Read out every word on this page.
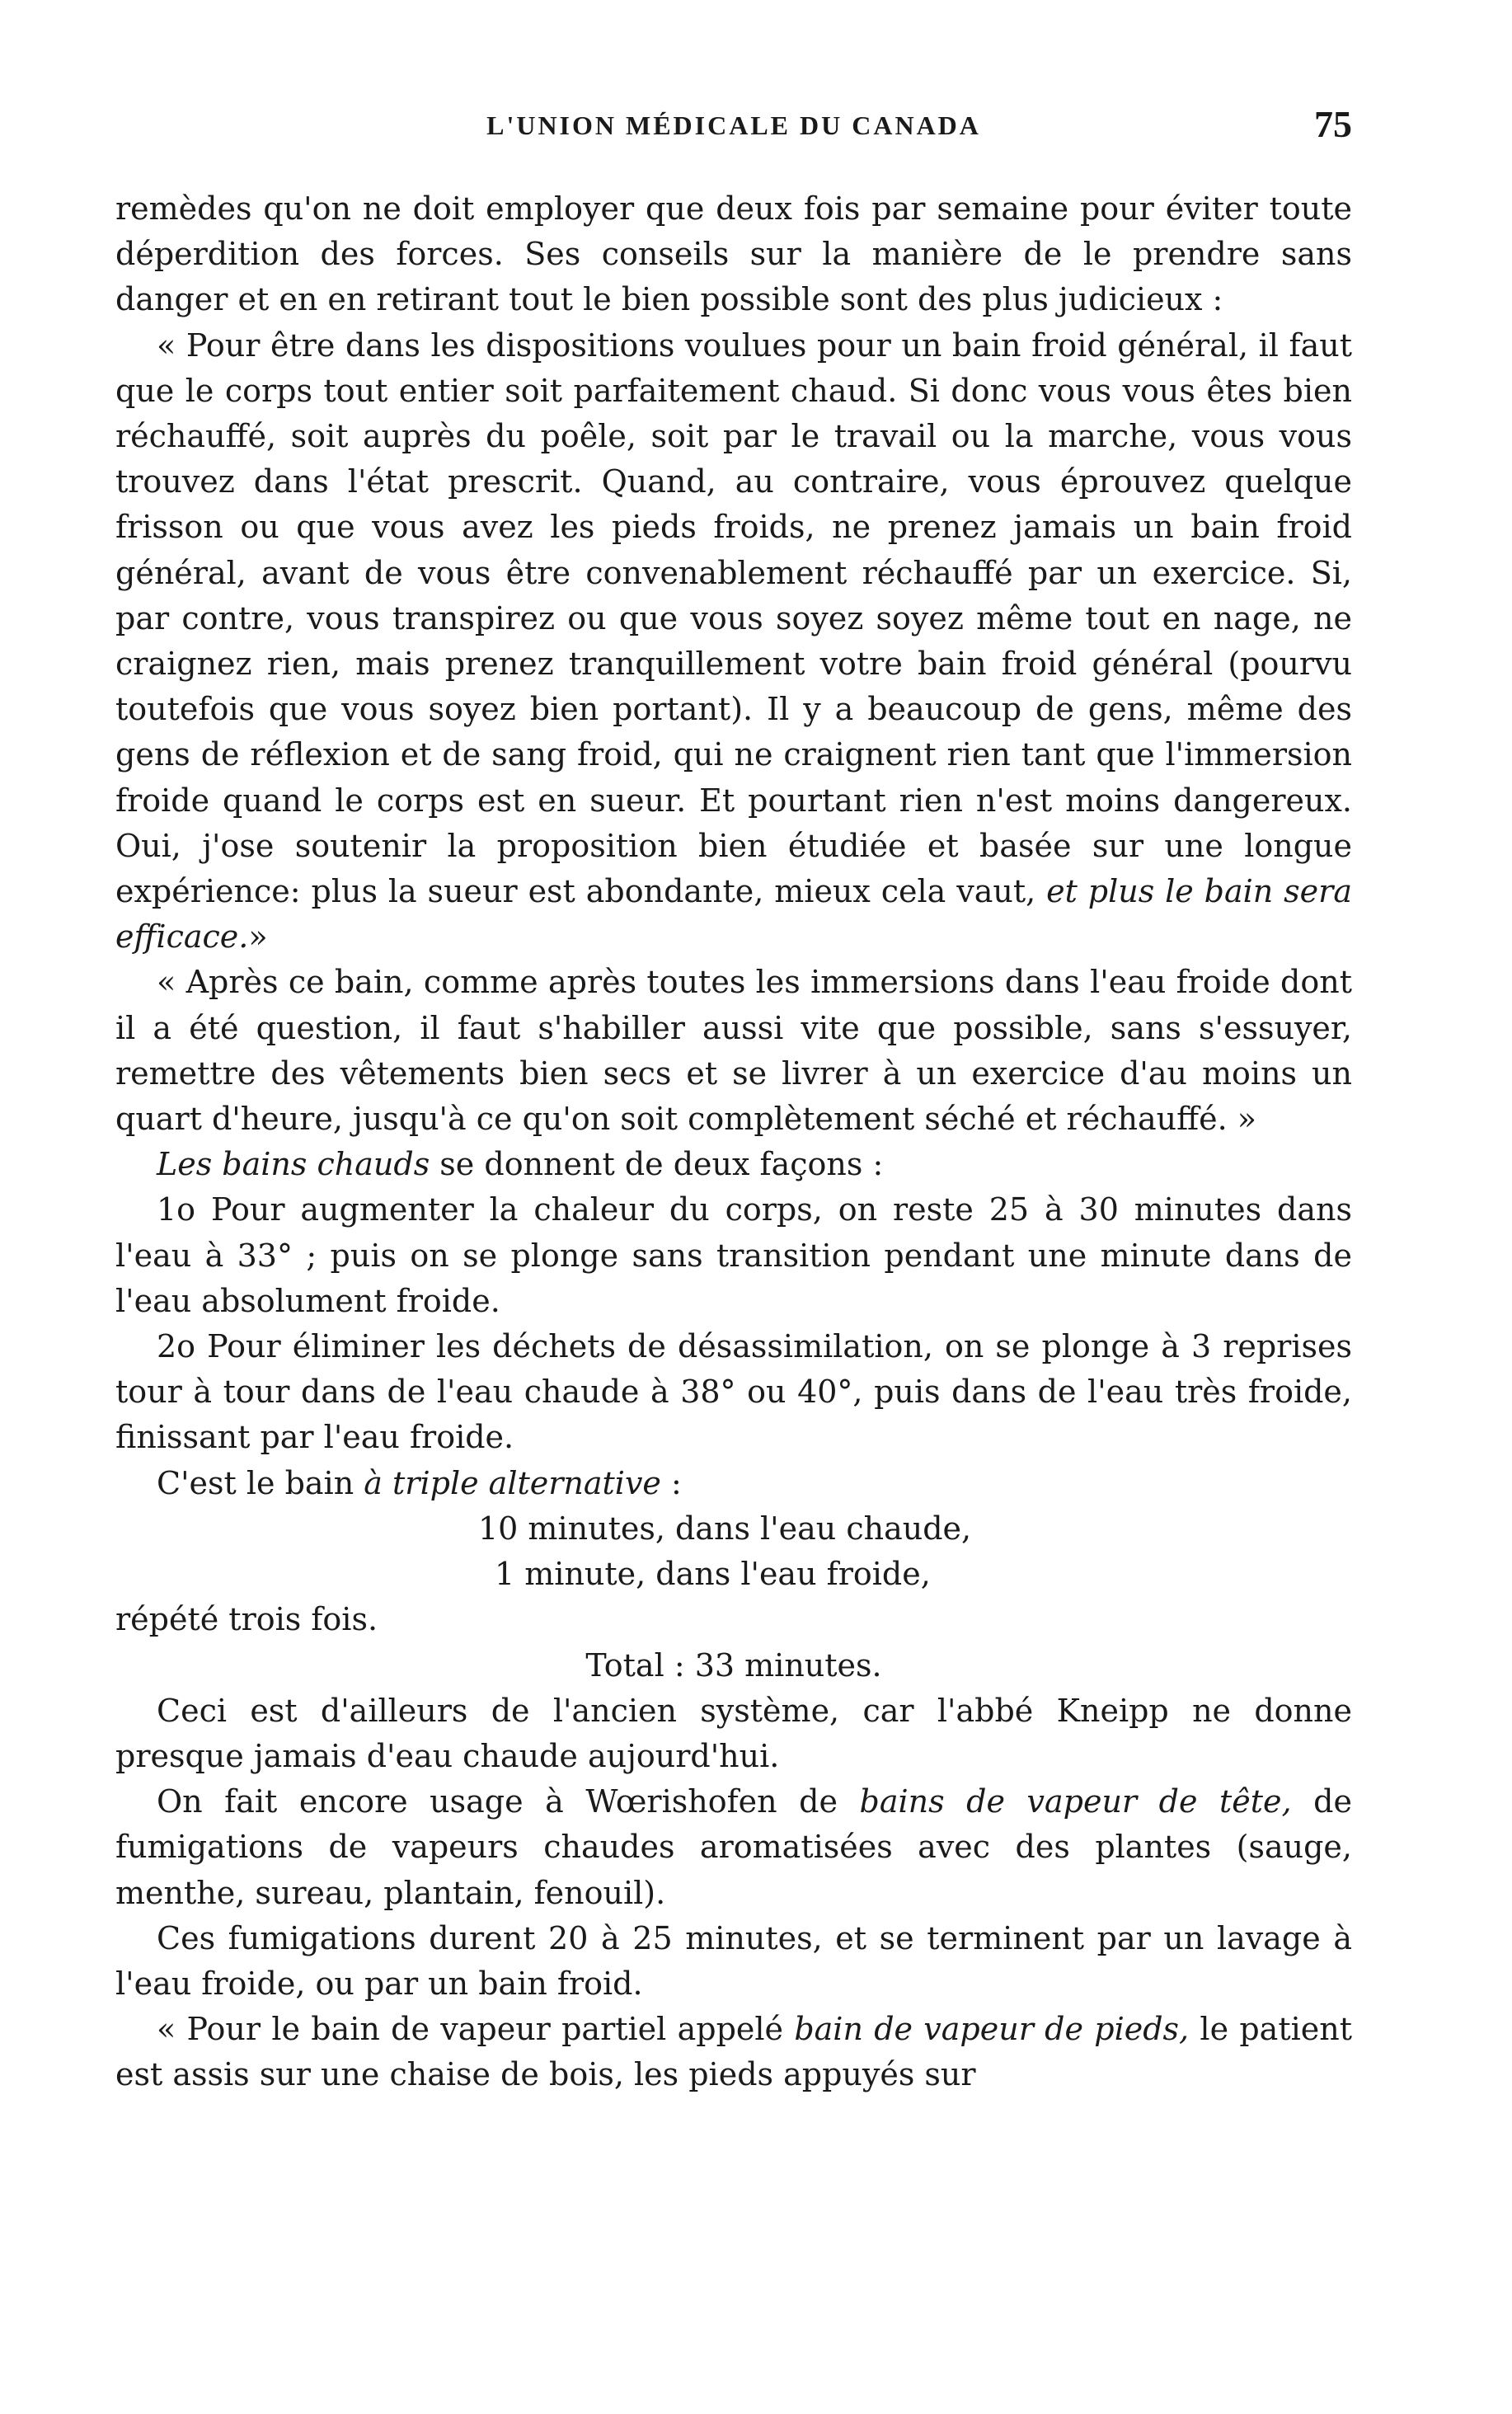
L'UNION MÉDICALE DU CANADA	75

remèdes qu'on ne doit employer que deux fois par semaine pour éviter toute déperdition des forces. Ses conseils sur la manière de le prendre sans danger et en en retirant tout le bien possible sont des plus judicieux :

« Pour être dans les dispositions voulues pour un bain froid général, il faut que le corps tout entier soit parfaitement chaud. Si donc vous vous êtes bien réchauffé, soit auprès du poêle, soit par le travail ou la marche, vous vous trouvez dans l'état prescrit. Quand, au contraire, vous éprouvez quelque frisson ou que vous avez les pieds froids, ne prenez jamais un bain froid général, avant de vous être convenablement réchauffé par un exercice. Si, par contre, vous transpirez ou que vous soyez soyez même tout en nage, ne craignez rien, mais prenez tranquillement votre bain froid général (pourvu toutefois que vous soyez bien portant). Il y a beaucoup de gens, même des gens de réflexion et de sang froid, qui ne craignent rien tant que l'immersion froide quand le corps est en sueur. Et pourtant rien n'est moins dangereux. Oui, j'ose soutenir la proposition bien étudiée et basée sur une longue expérience: plus la sueur est abondante, mieux cela vaut, et plus le bain sera efficace.»

« Après ce bain, comme après toutes les immersions dans l'eau froide dont il a été question, il faut s'habiller aussi vite que possible, sans s'essuyer, remettre des vêtements bien secs et se livrer à un exercice d'au moins un quart d'heure, jusqu'à ce qu'on soit complètement séché et réchauffé. »

Les bains chauds se donnent de deux façons :

1o Pour augmenter la chaleur du corps, on reste 25 à 30 minutes dans l'eau à 33° ; puis on se plonge sans transition pendant une minute dans de l'eau absolument froide.

2o Pour éliminer les déchets de désassimilation, on se plonge à 3 reprises tour à tour dans de l'eau chaude à 38° ou 40°, puis dans de l'eau très froide, finissant par l'eau froide.

C'est le bain à triple alternative :

10 minutes, dans l'eau chaude,

1 minute, dans l'eau froide,

répété trois fois.

Total : 33 minutes.

Ceci est d'ailleurs de l'ancien système, car l'abbé Kneipp ne donne presque jamais d'eau chaude aujourd'hui.

On fait encore usage à Wœrishofen de bains de vapeur de tête, de fumigations de vapeurs chaudes aromatisées avec des plantes (sauge, menthe, sureau, plantain, fenouil).

Ces fumigations durent 20 à 25 minutes, et se terminent par un lavage à l'eau froide, ou par un bain froid.

« Pour le bain de vapeur partiel appelé bain de vapeur de pieds, le patient est assis sur une chaise de bois, les pieds appuyés sur
